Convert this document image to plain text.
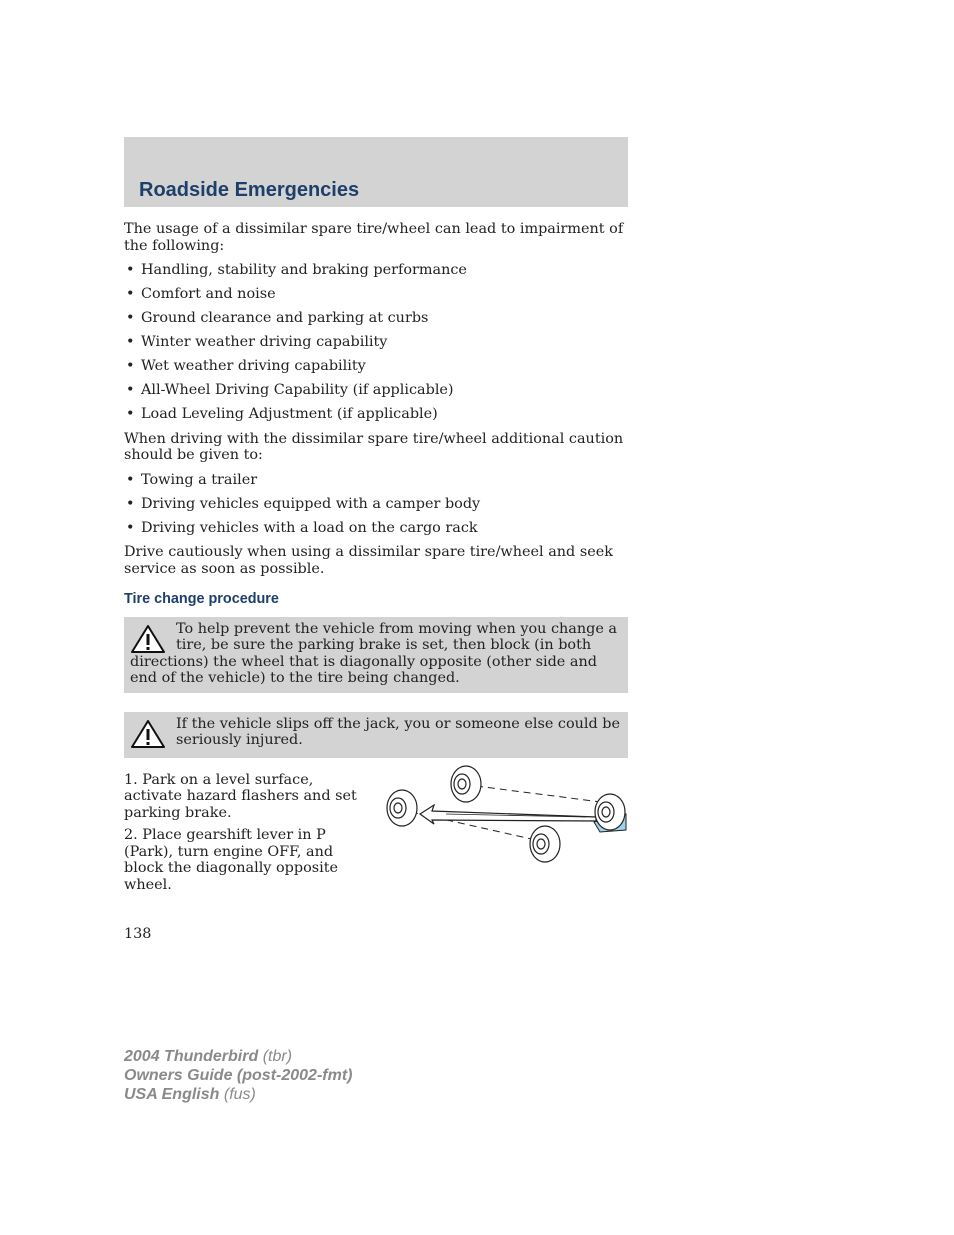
Roadside Emergencies

The usage of a dissimilar spare tire/wheel can lead to impairment of the following:

• Handling, stability and braking performance
• Comfort and noise
• Ground clearance and parking at curbs
• Winter weather driving capability
• Wet weather driving capability
• All-Wheel Driving Capability (if applicable)
• Load Leveling Adjustment (if applicable)

When driving with the dissimilar spare tire/wheel additional caution should be given to:

• Towing a trailer
• Driving vehicles equipped with a camper body
• Driving vehicles with a load on the cargo rack

Drive cautiously when using a dissimilar spare tire/wheel and seek service as soon as possible.

Tire change procedure
To help prevent the vehicle from moving when you change a tire, be sure the parking brake is set, then block (in both directions) the wheel that is diagonally opposite (other side and end of the vehicle) to the tire being changed.
If the vehicle slips off the jack, you or someone else could be seriously injured.

1. Park on a level surface, activate hazard flashers and set parking brake.

2. Place gearshift lever in P (Park), turn engine OFF, and block the diagonally opposite wheel.

138
2004 Thunderbird (tbr)
Owners Guide (post-2002-fmt)
USA English (fus)
